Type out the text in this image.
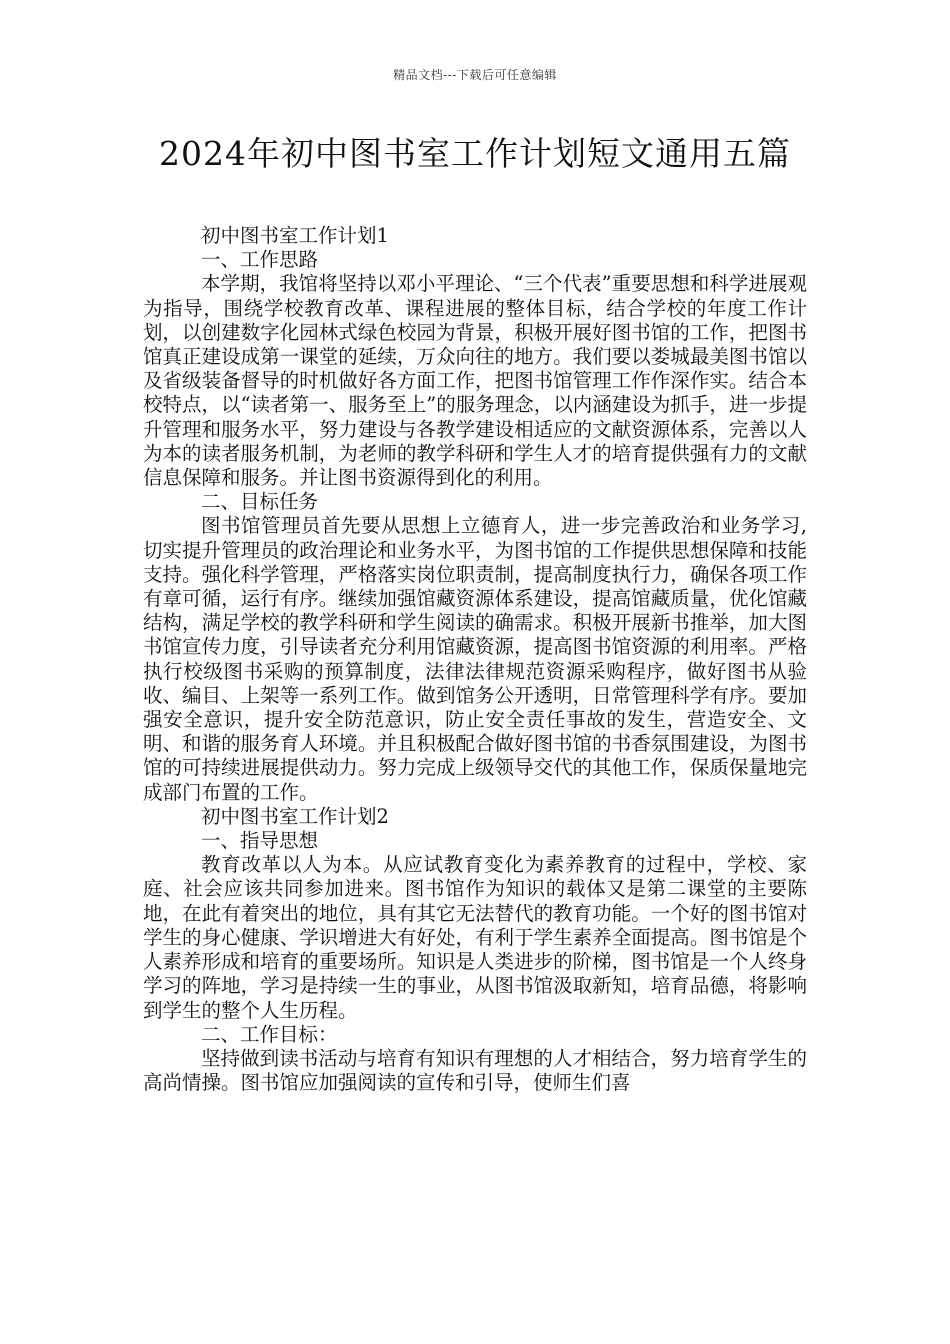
精品文档---下载后可任意编辑
2024年初中图书室工作计划短文通用五篇

初中图书室工作计划1

一、工作思路

本学期，我馆将坚持以邓小平理论、“三个代表”重要思想和科学进展观为指导，围绕学校教育改革、课程进展的整体目标，结合学校的年度工作计划，以创建数字化园林式绿色校园为背景，积极开展好图书馆的工作，把图书馆真正建设成第一课堂的延续，万众向往的地方。我们要以娄城最美图书馆以及省级装备督导的时机做好各方面工作，把图书馆管理工作作深作实。结合本校特点，以“读者第一、服务至上”的服务理念，以内涵建设为抓手，进一步提升管理和服务水平，努力建设与各教学建设相适应的文献资源体系，完善以人为本的读者服务机制，为老师的教学科研和学生人才的培育提供强有力的文献信息保障和服务。并让图书资源得到化的利用。

二、目标任务

图书馆管理员首先要从思想上立德育人，进一步完善政治和业务学习,切实提升管理员的政治理论和业务水平，为图书馆的工作提供思想保障和技能支持。强化科学管理，严格落实岗位职责制，提高制度执行力，确保各项工作有章可循，运行有序。继续加强馆藏资源体系建设，提高馆藏质量，优化馆藏结构，满足学校的教学科研和学生阅读的确需求。积极开展新书推举，加大图书馆宣传力度，引导读者充分利用馆藏资源，提高图书馆资源的利用率。严格执行校级图书采购的预算制度，法律法律规范资源采购程序，做好图书从验收、编目、上架等一系列工作。做到馆务公开透明，日常管理科学有序。要加强安全意识，提升安全防范意识，防止安全责任事故的发生，营造安全、文明、和谐的服务育人环境。并且积极配合做好图书馆的书香氛围建设，为图书馆的可持续进展提供动力。努力完成上级领导交代的其他工作，保质保量地完成部门布置的工作。

初中图书室工作计划2

一、指导思想

教育改革以人为本。从应试教育变化为素养教育的过程中，学校、家庭、社会应该共同参加进来。图书馆作为知识的载体又是第二课堂的主要陈地，在此有着突出的地位，具有其它无法替代的教育功能。一个好的图书馆对学生的身心健康、学识增进大有好处，有利于学生素养全面提高。图书馆是个人素养形成和培育的重要场所。知识是人类进步的阶梯，图书馆是一个人终身学习的阵地，学习是持续一生的事业，从图书馆汲取新知，培育品德，将影响到学生的整个人生历程。

二、工作目标：

坚持做到读书活动与培育有知识有理想的人才相结合，努力培育学生的高尚情操。图书馆应加强阅读的宣传和引导，使师生们喜
